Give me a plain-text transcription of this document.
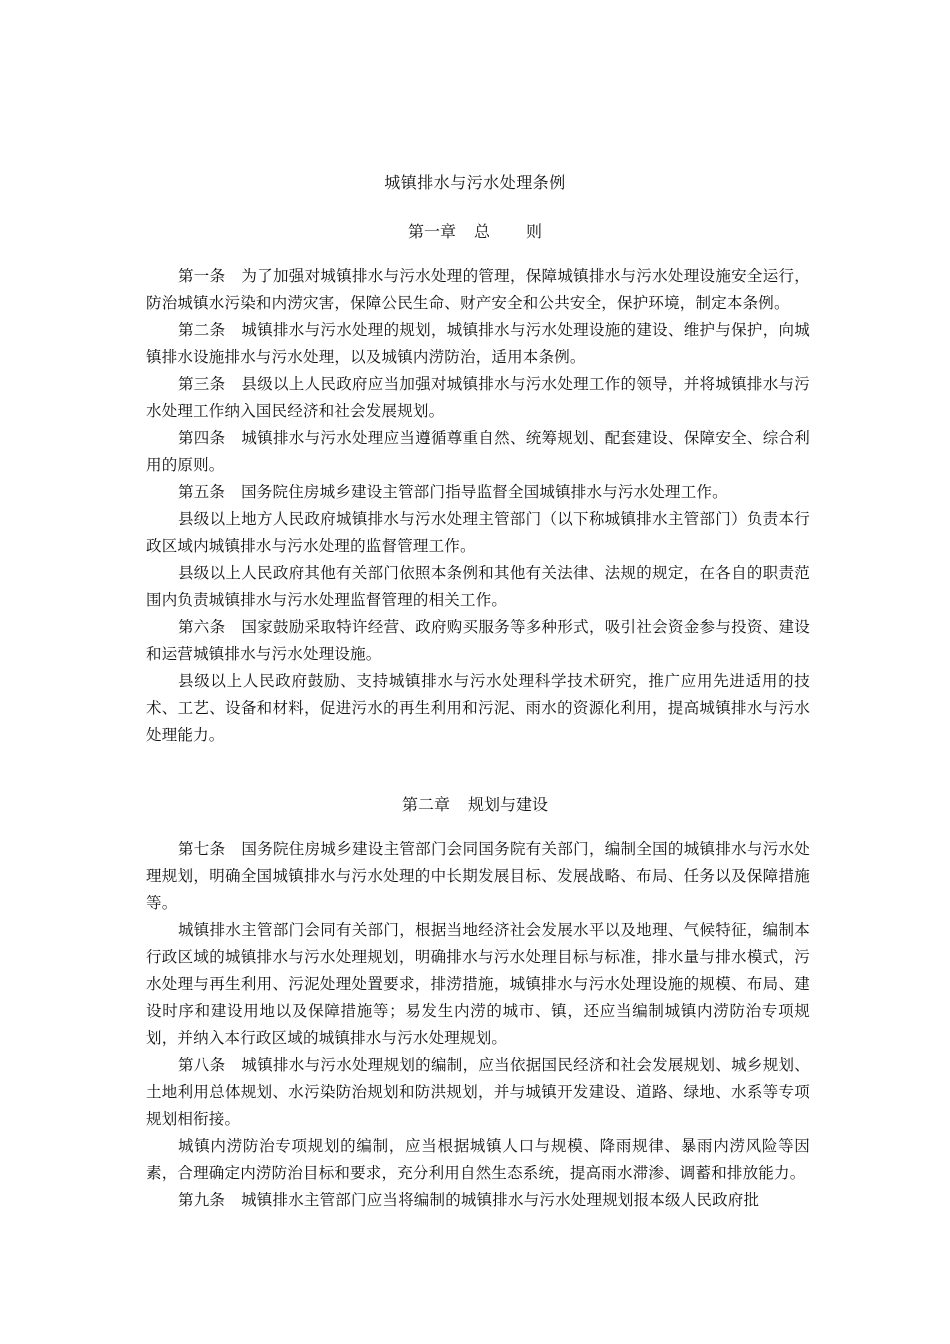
城镇排水与污水处理条例
第一章 总 则

第一条 为了加强对城镇排水与污水处理的管理，保障城镇排水与污水处理设施安全运行，防治城镇水污染和内涝灾害，保障公民生命、财产安全和公共安全，保护环境，制定本条例。

第二条 城镇排水与污水处理的规划，城镇排水与污水处理设施的建设、维护与保护，向城镇排水设施排水与污水处理，以及城镇内涝防治，适用本条例。

第三条 县级以上人民政府应当加强对城镇排水与污水处理工作的领导，并将城镇排水与污水处理工作纳入国民经济和社会发展规划。

第四条 城镇排水与污水处理应当遵循尊重自然、统筹规划、配套建设、保障安全、综合利用的原则。

第五条 国务院住房城乡建设主管部门指导监督全国城镇排水与污水处理工作。

县级以上地方人民政府城镇排水与污水处理主管部门（以下称城镇排水主管部门）负责本行政区域内城镇排水与污水处理的监督管理工作。

县级以上人民政府其他有关部门依照本条例和其他有关法律、法规的规定，在各自的职责范围内负责城镇排水与污水处理监督管理的相关工作。

第六条 国家鼓励采取特许经营、政府购买服务等多种形式，吸引社会资金参与投资、建设和运营城镇排水与污水处理设施。

县级以上人民政府鼓励、支持城镇排水与污水处理科学技术研究，推广应用先进适用的技术、工艺、设备和材料，促进污水的再生利用和污泥、雨水的资源化利用，提高城镇排水与污水处理能力。

第二章 规划与建设

第七条 国务院住房城乡建设主管部门会同国务院有关部门，编制全国的城镇排水与污水处理规划，明确全国城镇排水与污水处理的中长期发展目标、发展战略、布局、任务以及保障措施等。

城镇排水主管部门会同有关部门，根据当地经济社会发展水平以及地理、气候特征，编制本行政区域的城镇排水与污水处理规划，明确排水与污水处理目标与标准，排水量与排水模式，污水处理与再生利用、污泥处理处置要求，排涝措施，城镇排水与污水处理设施的规模、布局、建设时序和建设用地以及保障措施等；易发生内涝的城市、镇，还应当编制城镇内涝防治专项规划，并纳入本行政区域的城镇排水与污水处理规划。

第八条 城镇排水与污水处理规划的编制，应当依据国民经济和社会发展规划、城乡规划、土地利用总体规划、水污染防治规划和防洪规划，并与城镇开发建设、道路、绿地、水系等专项规划相衔接。

城镇内涝防治专项规划的编制，应当根据城镇人口与规模、降雨规律、暴雨内涝风险等因素，合理确定内涝防治目标和要求，充分利用自然生态系统，提高雨水滞渗、调蓄和排放能力。

第九条 城镇排水主管部门应当将编制的城镇排水与污水处理规划报本级人民政府批
